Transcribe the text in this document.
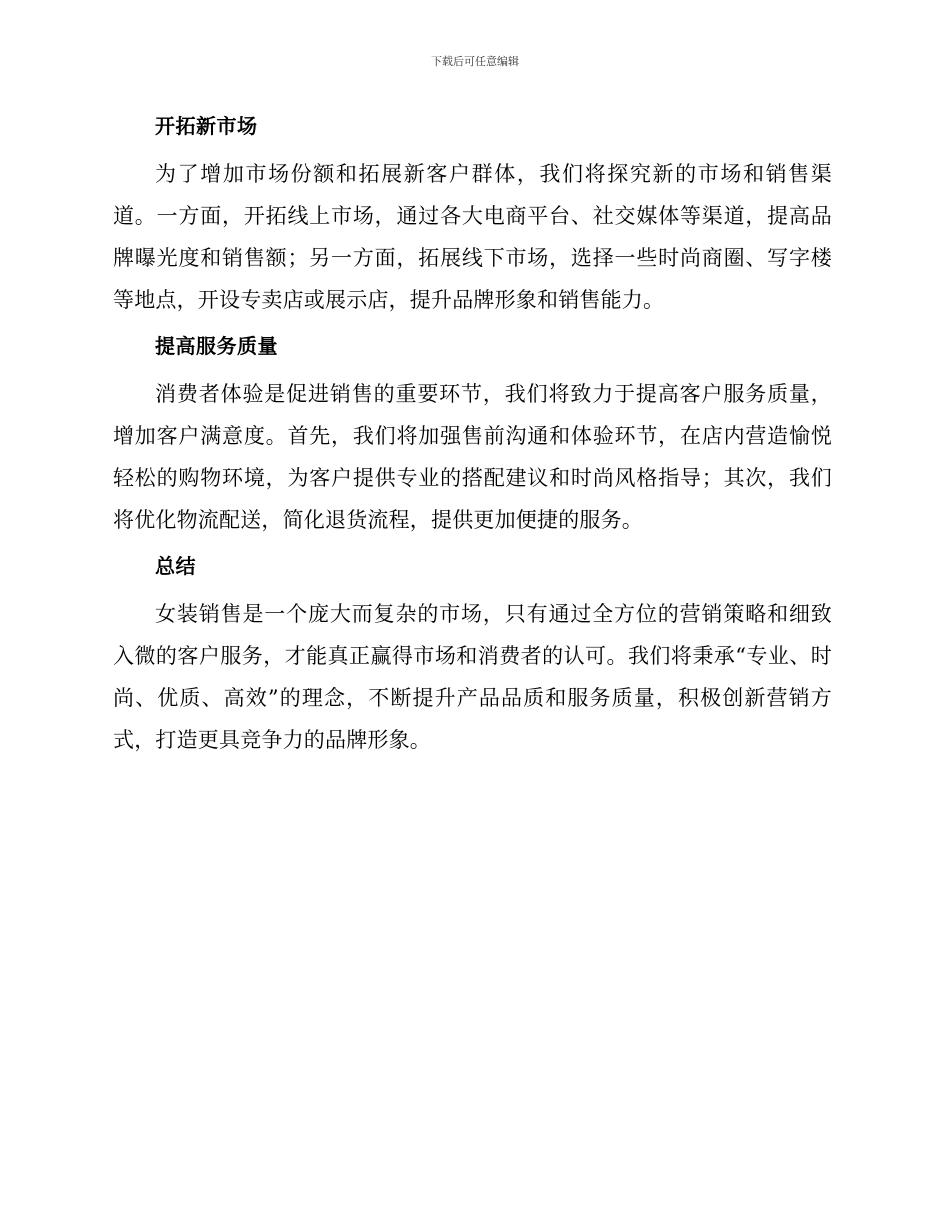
下载后可任意编辑
开拓新市场

为了增加市场份额和拓展新客户群体，我们将探究新的市场和销售渠道。一方面，开拓线上市场，通过各大电商平台、社交媒体等渠道，提高品牌曝光度和销售额；另一方面，拓展线下市场，选择一些时尚商圈、写字楼等地点，开设专卖店或展示店，提升品牌形象和销售能力。

提高服务质量

消费者体验是促进销售的重要环节，我们将致力于提高客户服务质量，增加客户满意度。首先，我们将加强售前沟通和体验环节，在店内营造愉悦轻松的购物环境，为客户提供专业的搭配建议和时尚风格指导；其次，我们将优化物流配送，简化退货流程，提供更加便捷的服务。

总结

女装销售是一个庞大而复杂的市场，只有通过全方位的营销策略和细致入微的客户服务，才能真正赢得市场和消费者的认可。我们将秉承“专业、时尚、优质、高效”的理念，不断提升产品品质和服务质量，积极创新营销方式，打造更具竞争力的品牌形象。
